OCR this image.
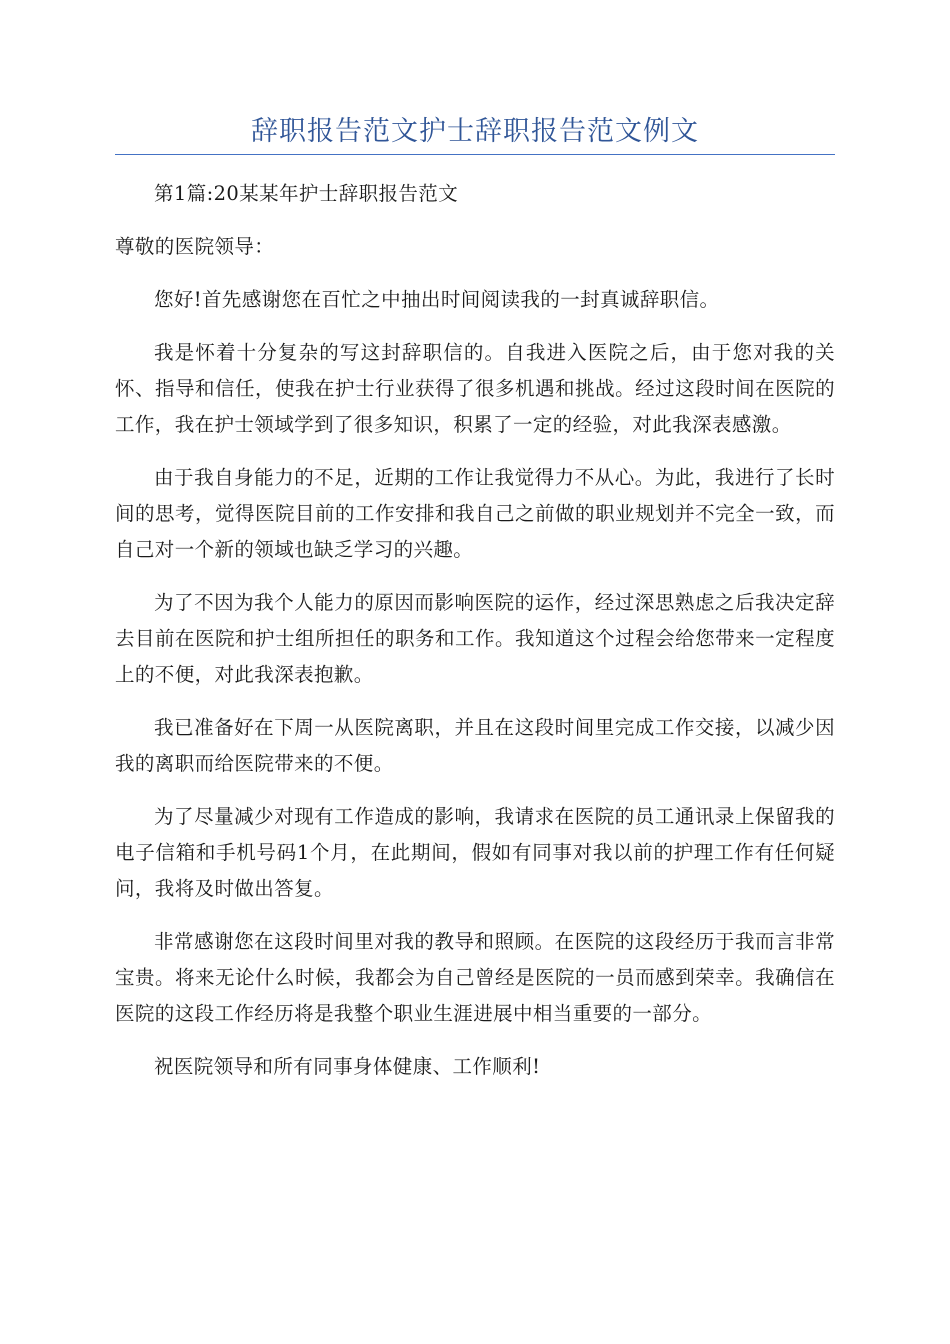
辞职报告范文护士辞职报告范文例文

第1篇:20某某年护士辞职报告范文

尊敬的医院领导：

您好!首先感谢您在百忙之中抽出时间阅读我的一封真诚辞职信。

我是怀着十分复杂的写这封辞职信的。自我进入医院之后，由于您对我的关怀、指导和信任，使我在护士行业获得了很多机遇和挑战。经过这段时间在医院的工作，我在护士领域学到了很多知识，积累了一定的经验，对此我深表感激。

由于我自身能力的不足，近期的工作让我觉得力不从心。为此，我进行了长时间的思考，觉得医院目前的工作安排和我自己之前做的职业规划并不完全一致，而自己对一个新的领域也缺乏学习的兴趣。

为了不因为我个人能力的原因而影响医院的运作，经过深思熟虑之后我决定辞去目前在医院和护士组所担任的职务和工作。我知道这个过程会给您带来一定程度上的不便，对此我深表抱歉。

我已准备好在下周一从医院离职，并且在这段时间里完成工作交接，以减少因我的离职而给医院带来的不便。

为了尽量减少对现有工作造成的影响，我请求在医院的员工通讯录上保留我的电子信箱和手机号码1个月，在此期间，假如有同事对我以前的护理工作有任何疑问，我将及时做出答复。

非常感谢您在这段时间里对我的教导和照顾。在医院的这段经历于我而言非常宝贵。将来无论什么时候，我都会为自己曾经是医院的一员而感到荣幸。我确信在医院的这段工作经历将是我整个职业生涯进展中相当重要的一部分。

祝医院领导和所有同事身体健康、工作顺利!
